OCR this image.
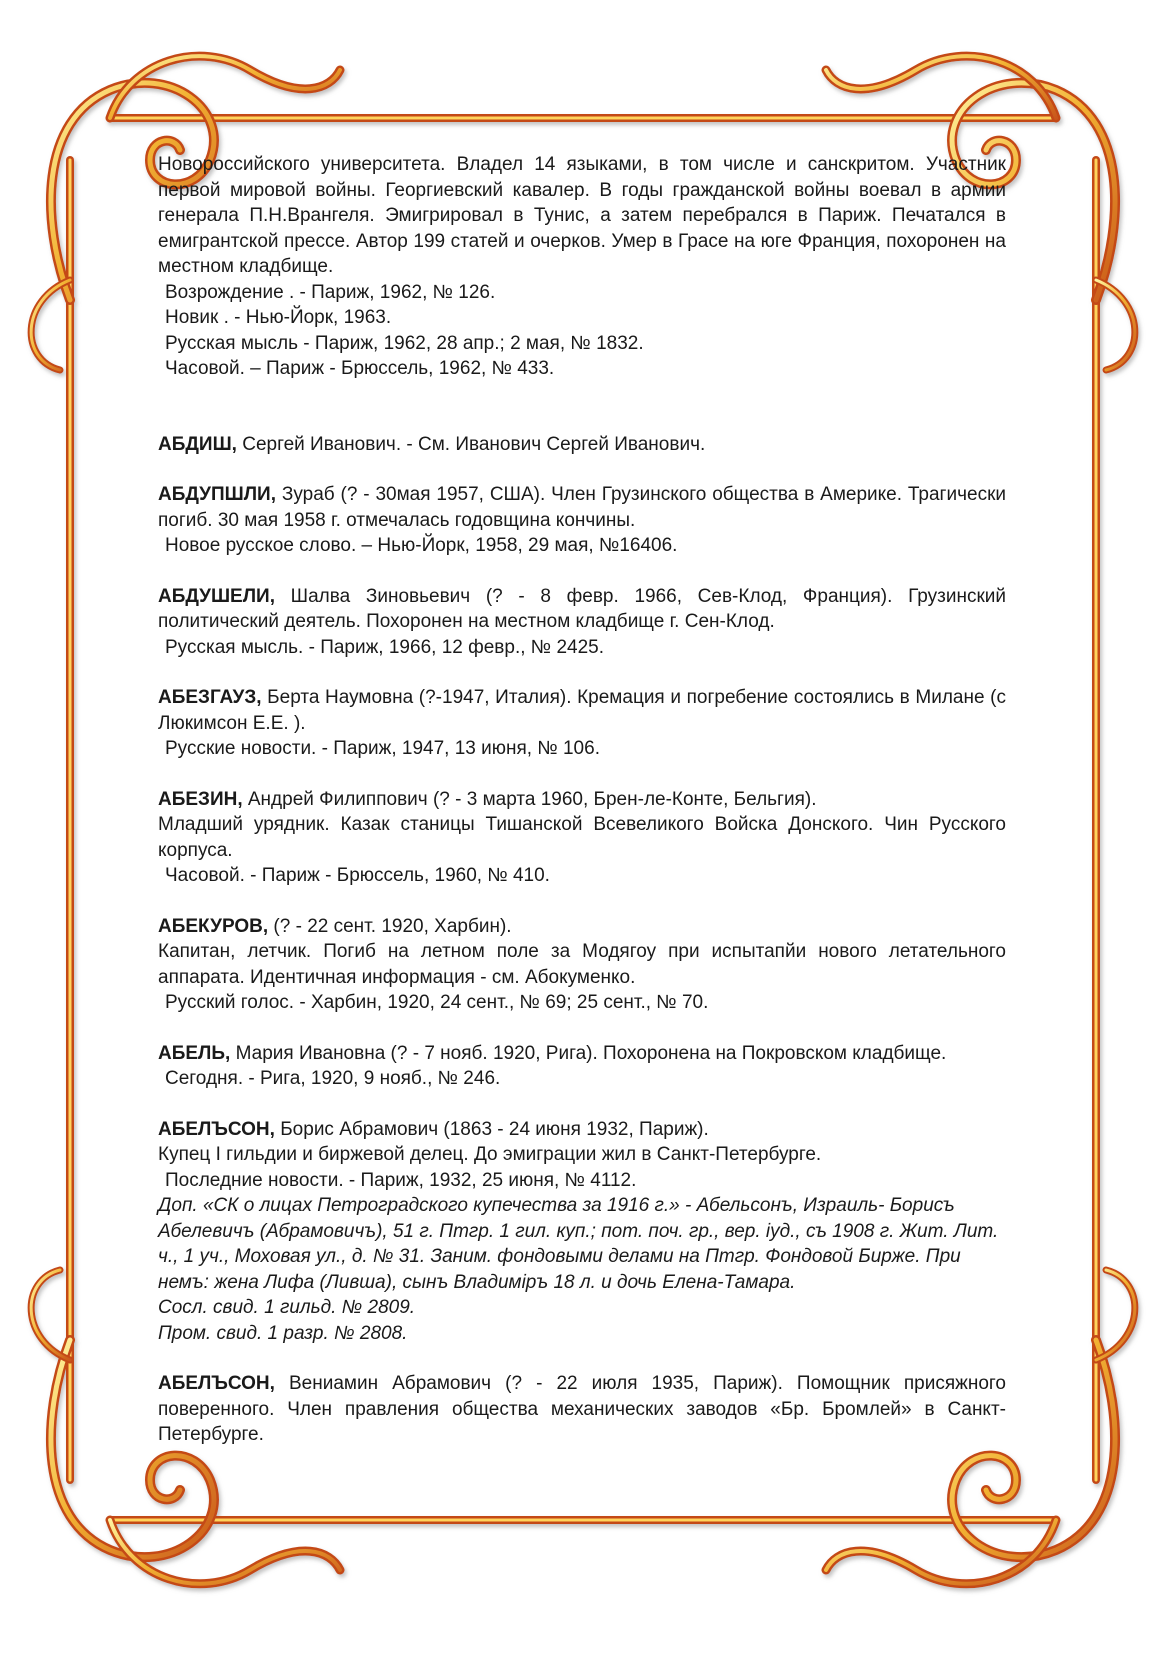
Новороссийского университета. Владел 14 языками, в том числе и санскритом. Участник первой мировой войны. Георгиевский кавалер. В годы гражданской войны воевал в армии генерала П.Н.Врангеля. Эмигрировал в Тунис, а затем перебрался в Париж. Печатался в емигрантской прессе. Автор 199 статей и очерков. Умер в Грасе на юге Франция, похоронен на местном кладбище.

Возрождение . - Париж, 1962, № 126.

Новик . - Нью-Йорк, 1963.

Русская мысль - Париж, 1962, 28 апр.; 2 мая, № 1832.

Часовой. – Париж - Брюссель, 1962, № 433.

АБДИШ, Сергей Иванович. - См. Иванович Сергей Иванович.

АБДУПШЛИ, Зураб (? - 30мая 1957, США). Член Грузинского общества в Америке. Трагически погиб. 30 мая 1958 г. отмечалась годовщина кончины.

Новое русское слово. – Нью-Йорк, 1958, 29 мая, №16406.

АБДУШЕЛИ, Шалва Зиновьевич (? - 8 февр. 1966, Сев-Клод, Франция). Грузинский политический деятель. Похоронен на местном кладбище г. Сен-Клод.

Русская мысль. - Париж, 1966, 12 февр., № 2425.

АБЕЗГАУЗ, Берта Наумовна (?-1947, Италия). Кремация и погребение состоялись в Милане (с Люкимсон Е.Е. ).

Русские новости. - Париж, 1947, 13 июня, № 106.

АБЕЗИН, Андрей Филиппович (? - 3 марта 1960, Брен-ле-Конте, Бельгия).

Младший урядник. Казак станицы Тишанской Всевеликого Войска Донского. Чин Русского корпуса.

Часовой. - Париж - Брюссель, 1960, № 410.

АБЕКУРОВ, (? - 22 сент. 1920, Харбин).

Капитан, летчик. Погиб на летном поле за Модягоу при испытапйи нового летательного аппарата. Идентичная информация - см. Абокуменко.

Русский голос. - Харбин, 1920, 24 сент., № 69; 25 сент., № 70.

АБЕЛЬ, Мария Ивановна (? - 7 нояб. 1920, Рига). Похоронена на Покровском кладбище.

Сегодня. - Рига, 1920, 9 нояб., № 246.

АБЕЛЪСОН, Борис Абрамович (1863 - 24 июня 1932, Париж).

Купец I гильдии и биржевой делец. До эмиграции жил в Санкт-Петербурге.

Последние новости. - Париж, 1932, 25 июня, № 4112.

Доп. «СК о лицах Петроградского купечества за 1916 г.» - Абельсонъ, Израиль- Борисъ Абелевичъ (Абрамовичъ), 51 г. Птгр. 1 гил. куп.; пот. поч. гр., вер. іуд., съ 1908 г. Жит. Лит. ч., 1 уч., Моховая ул., д. № 31. Заним. фондовыми делами на Птгр. Фондовой Бирже. При немъ: жена Лифа (Ливша), сынъ Владиміръ 18 л. и дочь Елена-Тамара.

Сосл. свид. 1 гильд. № 2809.

Пром. свид. 1 разр. № 2808.

АБЕЛЪСОН, Вениамин Абрамович (? - 22 июля 1935, Париж). Помощник присяжного поверенного. Член правления общества механических заводов «Бр. Бромлей» в Санкт-Петербурге.
